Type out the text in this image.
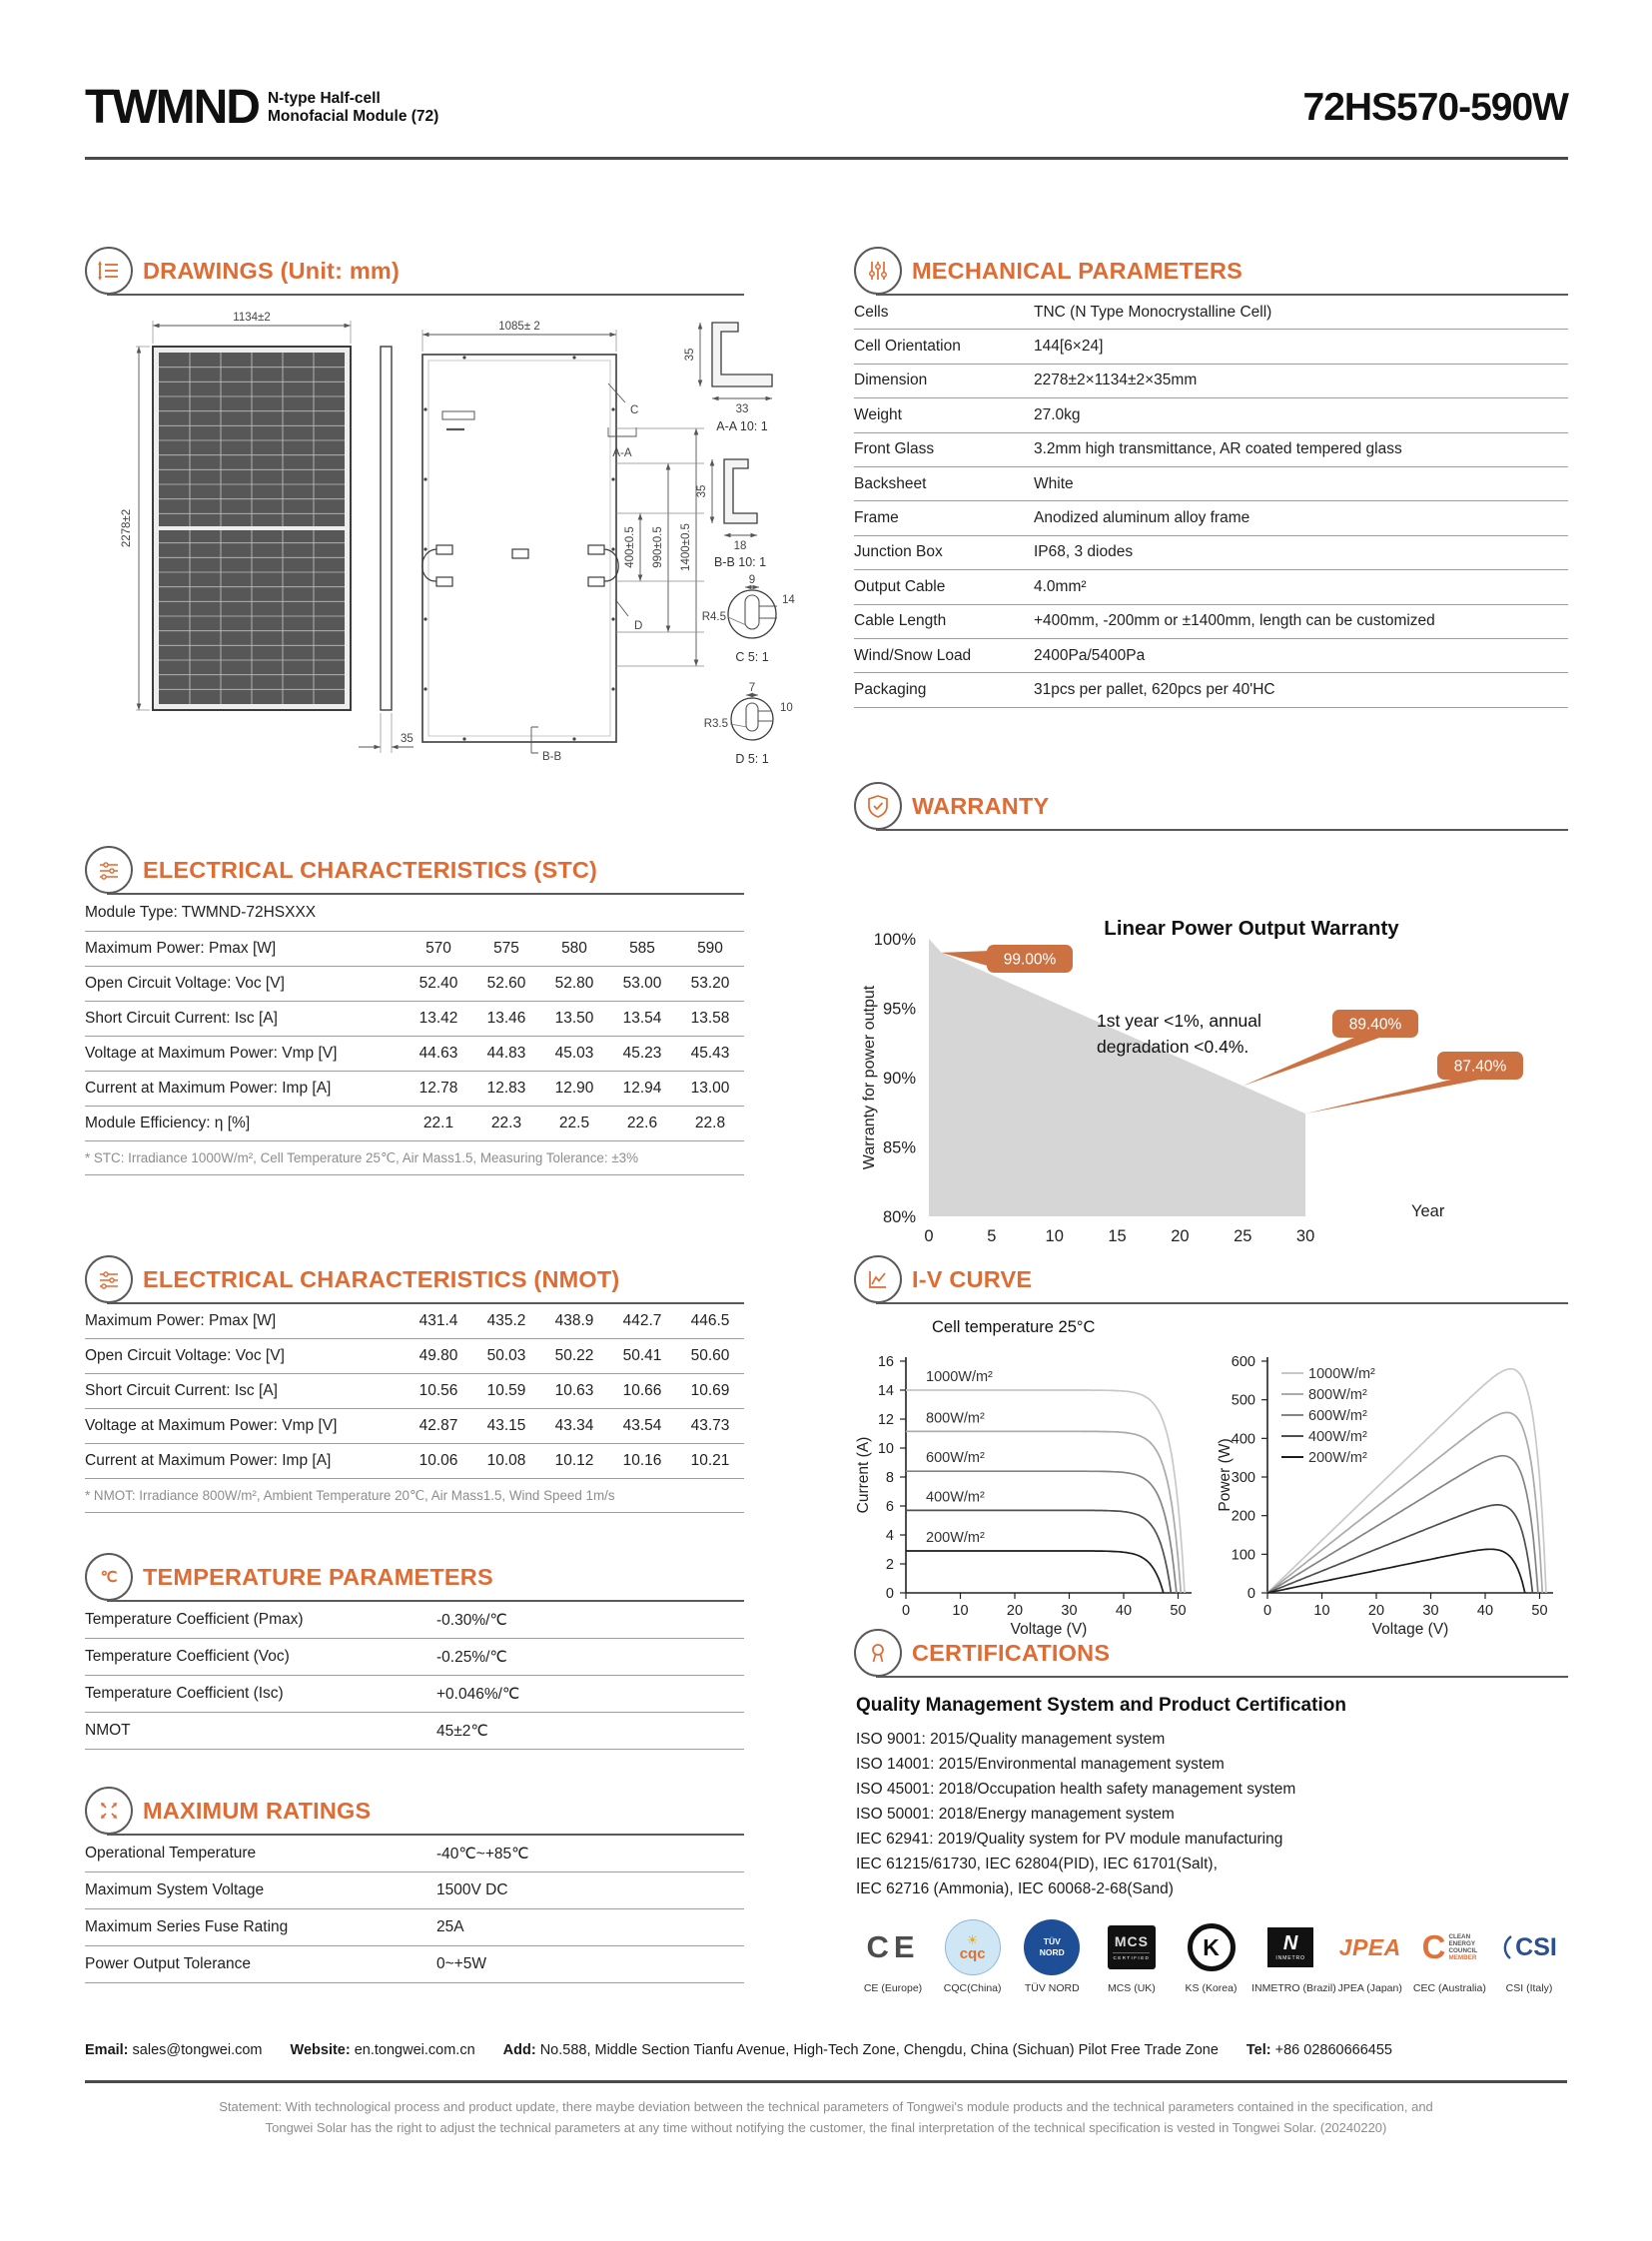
TWMND N-type Half-cell
Monofacial Module (72)	72HS570-590W
DRAWINGS (Unit: mm)
1134±2
2278±2
1085± 2
35
400±0.5 990±0.5 1400±0.5
C
A-A
D
B-B
35
33
35
18
9
14
R4.5
7
10
R3.5
A-A 10: 1
B-B 10: 1
C 5: 1
D 5: 1
MECHANICAL PARAMETERS
Cells	TNC (N Type Monocrystalline Cell)
Cell Orientation	144[6×24]
Dimension	2278±2×1134±2×35mm
Weight	27.0kg
Front Glass	3.2mm high transmittance, AR coated tempered glass
Backsheet	White
Frame	Anodized aluminum alloy frame
Junction Box	IP68, 3 diodes
Output Cable	4.0mm²
Cable Length	+400mm, -200mm or ±1400mm, length can be customized
Wind/Snow Load	2400Pa/5400Pa
Packaging	31pcs per pallet, 620pcs per 40'HC
ELECTRICAL CHARACTERISTICS (STC)
Module Type: TWMND-72HSXXX
Maximum Power: Pmax [W]	570	575	580	585	590
Open Circuit Voltage: Voc [V]	52.40	52.60	52.80	53.00	53.20
Short Circuit Current: Isc [A]	13.42	13.46	13.50	13.54	13.58
Voltage at Maximum Power: Vmp [V]	44.63	44.83	45.03	45.23	45.43
Current at Maximum Power: Imp [A]	12.78	12.83	12.90	12.94	13.00
Module Efficiency: η [%]	22.1	22.3	22.5	22.6	22.8
* STC: Irradiance 1000W/m², Cell Temperature 25℃, Air Mass1.5, Measuring Tolerance: ±3%
ELECTRICAL CHARACTERISTICS (NMOT)
Maximum Power: Pmax [W]	431.4	435.2	438.9	442.7	446.5
Open Circuit Voltage: Voc [V]	49.80	50.03	50.22	50.41	50.60
Short Circuit Current: Isc [A]	10.56	10.59	10.63	10.66	10.69
Voltage at Maximum Power: Vmp [V]	42.87	43.15	43.34	43.54	43.73
Current at Maximum Power: Imp [A]	10.06	10.08	10.12	10.16	10.21
* NMOT: Irradiance 800W/m², Ambient Temperature 20℃, Air Mass1.5, Wind Speed 1m/s
℃ TEMPERATURE PARAMETERS
Temperature Coefficient (Pmax)	-0.30%/℃
Temperature Coefficient (Voc)	-0.25%/℃
Temperature Coefficient (Isc)	+0.046%/℃
NMOT	45±2℃
MAXIMUM RATINGS
Operational Temperature	-40℃~+85℃
Maximum System Voltage	1500V DC
Maximum Series Fuse Rating	25A
Power Output Tolerance	0~+5W
WARRANTY
100%
95%
90%
85%
80%
0	5	10	15	20	25	30
Year
Warranty for power output
Linear Power Output Warranty
1st year <1%, annual
degradation <0.4%.
99.00%
89.40%
87.40%
I-V CURVE
Cell temperature 25°C
0	10	20	30	40	50
0
2
4
6
8
10
12
14
16
Voltage (V)
Current (A)
1000W/m²
800W/m²
600W/m²
400W/m²
200W/m²
0	10	20	30	40	50
0
100
200
300
400
500
600
Voltage (V)
Power (W)
1000W/m²
800W/m²
600W/m²
400W/m²
200W/m²
CERTIFICATIONS
Quality Management System and Product Certification
ISO 9001: 2015/Quality management system
ISO 14001: 2015/Environmental management system
ISO 45001: 2018/Occupation health safety management system
ISO 50001: 2018/Energy management system
IEC 62941: 2019/Quality system for PV module manufacturing
IEC 61215/61730, IEC 62804(PID), IEC 61701(Salt),
IEC 62716 (Ammonia), IEC 60068-2-68(Sand)
CE
CE (Europe)
☀
cqc
CQC(China)
TÜV
NORD
TÜV NORD
MCS
CERTIFIED
MCS (UK)
K
KS (Korea)
N
INMETRO
INMETRO (Brazil)
JPEA
JPEA (Japan)
C CLEAN
ENERGY
COUNCIL
MEMBER
CEC (Australia)
CSI
CSI (Italy)
Email: sales@tongwei.com Website: en.tongwei.com.cn Add: No.588, Middle Section Tianfu Avenue, High-Tech Zone, Chengdu, China (Sichuan) Pilot Free Trade Zone Tel: +86 02860666455
Statement: With technological process and product update, there maybe deviation between the technical parameters of Tongwei's module products and the technical parameters contained in the specification, and
Tongwei Solar has the right to adjust the technical parameters at any time without notifying the customer, the final interpretation of the technical specification is vested in Tongwei Solar. (20240220)
